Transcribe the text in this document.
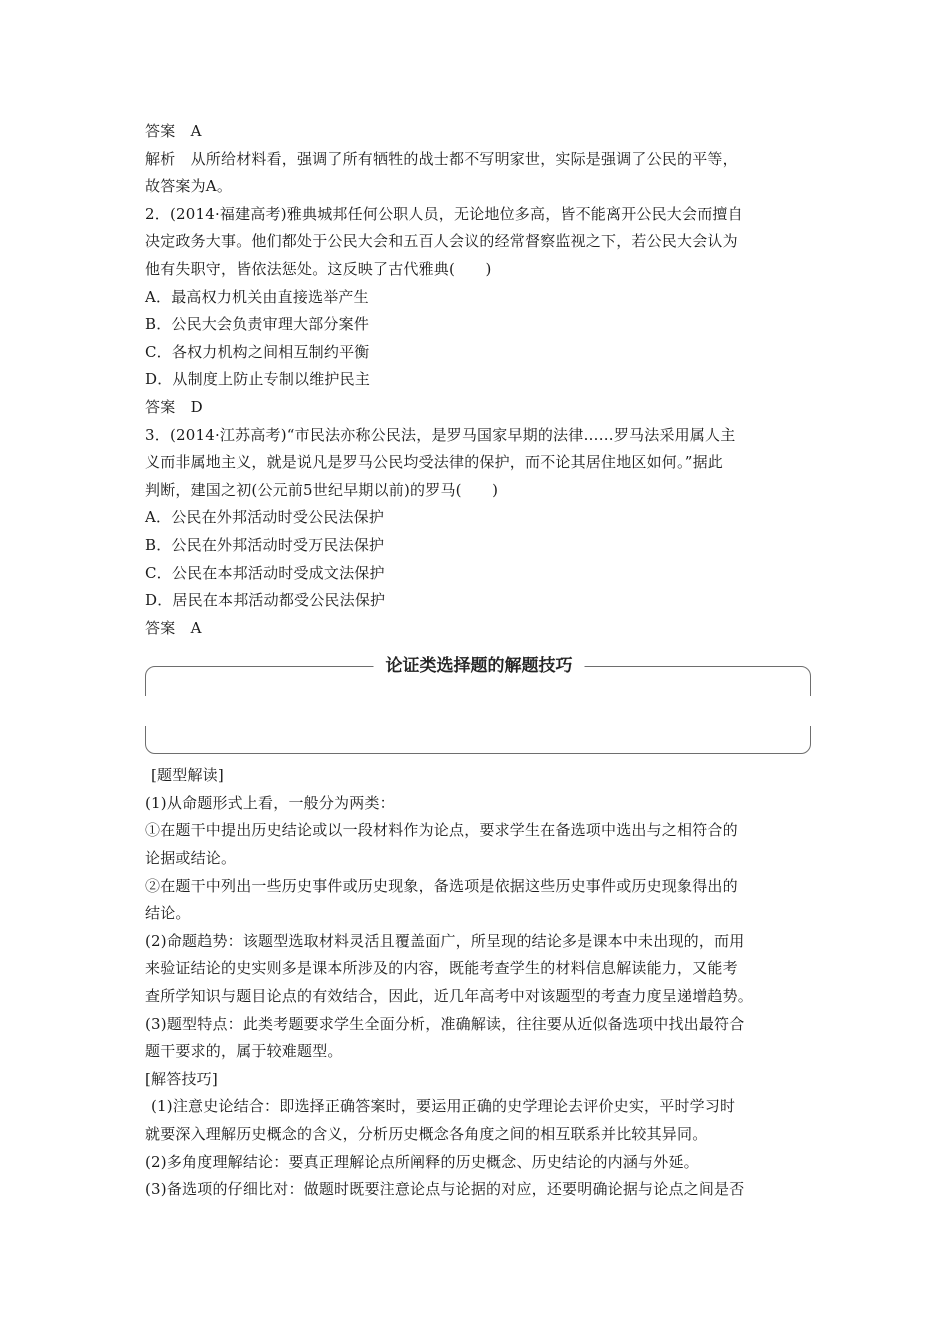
答案　A
解析　从所给材料看，强调了所有牺牲的战士都不写明家世，实际是强调了公民的平等，
故答案为A。
2．(2014·福建高考)雅典城邦任何公职人员，无论地位多高，皆不能离开公民大会而擅自
决定政务大事。他们都处于公民大会和五百人会议的经常督察监视之下，若公民大会认为
他有失职守，皆依法惩处。这反映了古代雅典(　　)
A．最高权力机关由直接选举产生
B．公民大会负责审理大部分案件
C．各权力机构之间相互制约平衡
D．从制度上防止专制以维护民主
答案　D
3．(2014·江苏高考)“市民法亦称公民法，是罗马国家早期的法律……罗马法采用属人主
义而非属地主义，就是说凡是罗马公民均受法律的保护，而不论其居住地区如何。”据此
判断，建国之初(公元前5世纪早期以前)的罗马(　　)
A．公民在外邦活动时受公民法保护
B．公民在外邦活动时受万民法保护
C．公民在本邦活动时受成文法保护
D．居民在本邦活动都受公民法保护
答案　A
论证类选择题的解题技巧
[题型解读]
(1)从命题形式上看，一般分为两类：
①在题干中提出历史结论或以一段材料作为论点，要求学生在备选项中选出与之相符合的
论据或结论。
②在题干中列出一些历史事件或历史现象，备选项是依据这些历史事件或历史现象得出的
结论。
(2)命题趋势：该题型选取材料灵活且覆盖面广，所呈现的结论多是课本中未出现的，而用
来验证结论的史实则多是课本所涉及的内容，既能考查学生的材料信息解读能力，又能考
查所学知识与题目论点的有效结合，因此，近几年高考中对该题型的考查力度呈递增趋势。
(3)题型特点：此类考题要求学生全面分析，准确解读，往往要从近似备选项中找出最符合
题干要求的，属于较难题型。
[解答技巧]
(1)注意史论结合：即选择正确答案时，要运用正确的史学理论去评价史实，平时学习时
就要深入理解历史概念的含义，分析历史概念各角度之间的相互联系并比较其异同。
(2)多角度理解结论：要真正理解论点所阐释的历史概念、历史结论的内涵与外延。
(3)备选项的仔细比对：做题时既要注意论点与论据的对应，还要明确论据与论点之间是否
